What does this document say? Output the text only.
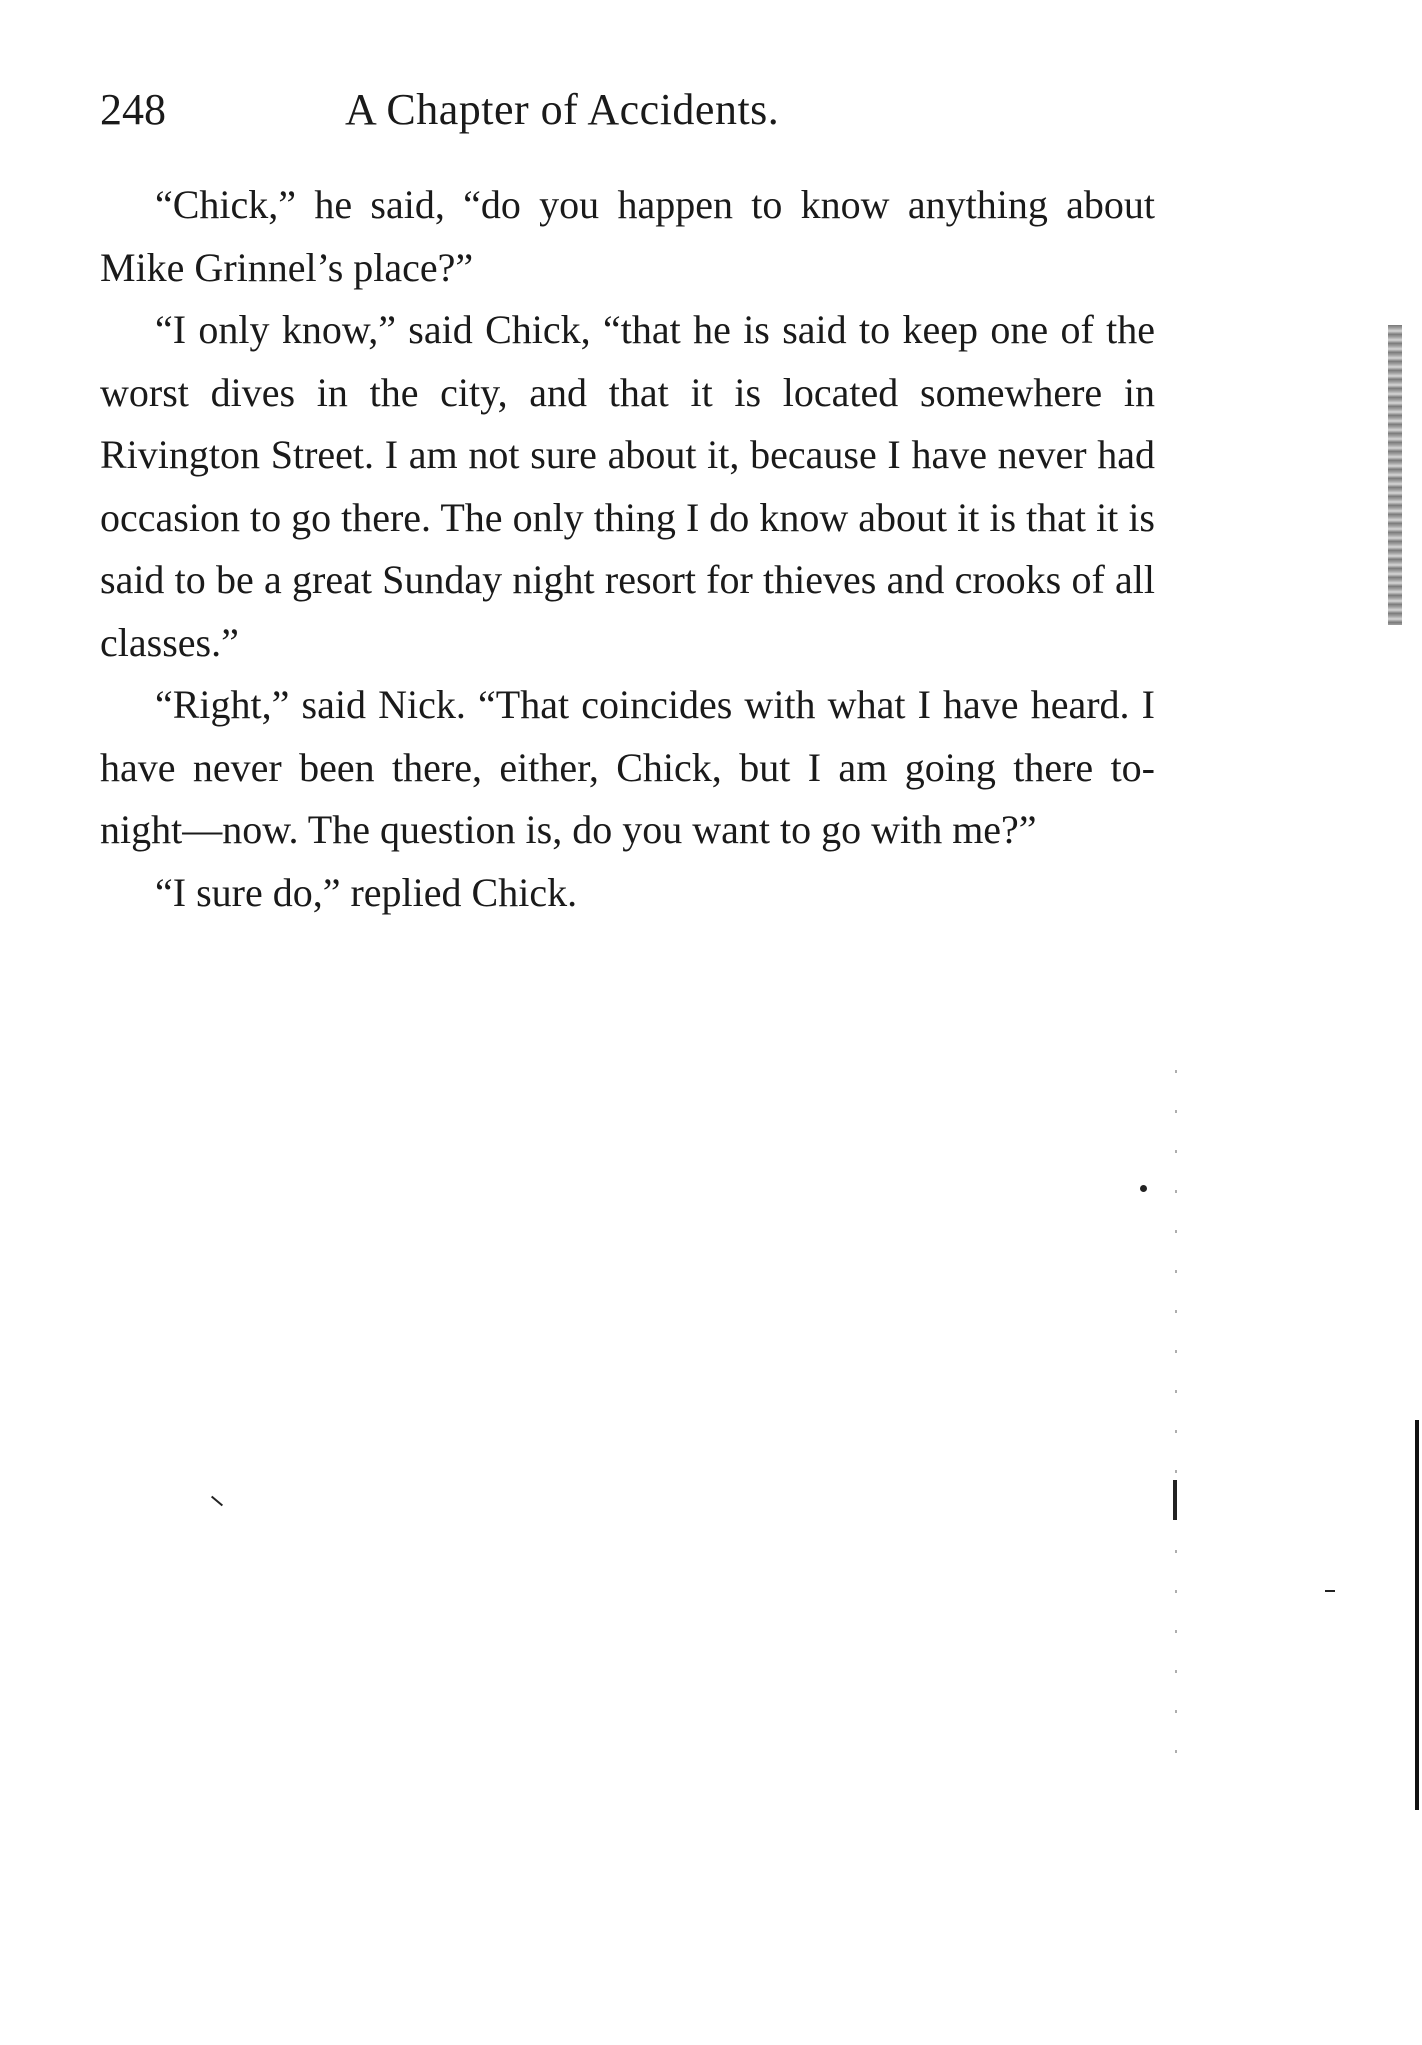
248	A Chapter of Accidents.

“Chick,” he said, “do you happen to know anything about Mike Grinnel’s place?”

“I only know,” said Chick, “that he is said to keep one of the worst dives in the city, and that it is located somewhere in Rivington Street. I am not sure about it, because I have never had occasion to go there. The only thing I do know about it is that it is said to be a great Sunday night resort for thieves and crooks of all classes.”

“Right,” said Nick. “That coincides with what I have heard. I have never been there, either, Chick, but I am going there to-night—now. The question is, do you want to go with me?”

“I sure do,” replied Chick.
